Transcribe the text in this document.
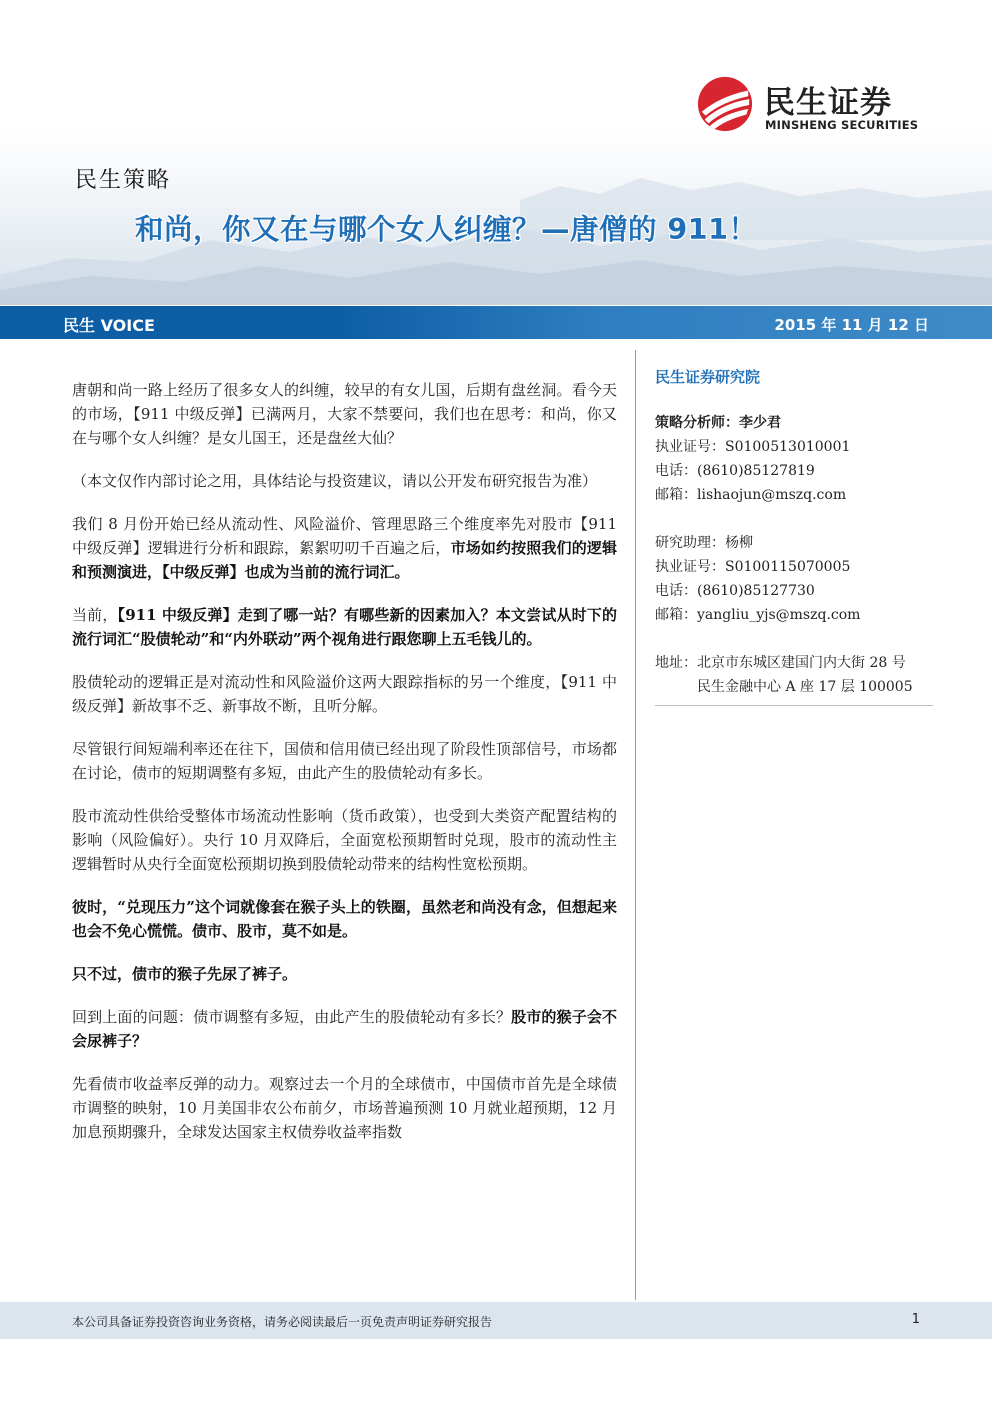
民生证券
MINSHENG SECURITIES
民生策略
和尚，你又在与哪个女人纠缠？—唐僧的 911！
民生 VOICE	2015 年 11 月 12 日

唐朝和尚一路上经历了很多女人的纠缠，较早的有女儿国，后期有盘丝洞。看今天的市场，【911 中级反弹】已满两月，大家不禁要问，我们也在思考：和尚，你又在与哪个女人纠缠？是女儿国王，还是盘丝大仙？

（本文仅作内部讨论之用，具体结论与投资建议，请以公开发布研究报告为准）

我们 8 月份开始已经从流动性、风险溢价、管理思路三个维度率先对股市【911 中级反弹】逻辑进行分析和跟踪，絮絮叨叨千百遍之后，市场如约按照我们的逻辑和预测演进，【中级反弹】也成为当前的流行词汇。

当前，【911 中级反弹】走到了哪一站？有哪些新的因素加入？本文尝试从时下的流行词汇“股债轮动”和“内外联动”两个视角进行跟您聊上五毛钱儿的。

股债轮动的逻辑正是对流动性和风险溢价这两大跟踪指标的另一个维度，【911 中级反弹】新故事不乏、新事故不断，且听分解。

尽管银行间短端利率还在往下，国债和信用债已经出现了阶段性顶部信号，市场都在讨论，债市的短期调整有多短，由此产生的股债轮动有多长。

股市流动性供给受整体市场流动性影响（货币政策），也受到大类资产配置结构的影响（风险偏好）。央行 10 月双降后，全面宽松预期暂时兑现，股市的流动性主逻辑暂时从央行全面宽松预期切换到股债轮动带来的结构性宽松预期。

彼时，“兑现压力”这个词就像套在猴子头上的铁圈，虽然老和尚没有念，但想起来也会不免心慌慌。债市、股市，莫不如是。

只不过，债市的猴子先尿了裤子。

回到上面的问题：债市调整有多短，由此产生的股债轮动有多长？股市的猴子会不会尿裤子？

先看债市收益率反弹的动力。观察过去一个月的全球债市，中国债市首先是全球债市调整的映射，10 月美国非农公布前夕，市场普遍预测 10 月就业超预期，12 月加息预期骤升，全球发达国家主权债券收益率指数

民生证券研究院
策略分析师：李少君
执业证号：S0100513010001
电话：(8610)85127819
邮箱：lishaojun@mszq.com
研究助理：杨柳
执业证号：S0100115070005
电话：(8610)85127730
邮箱：yangliu_yjs@mszq.com
地址：北京市东城区建国门内大街 28 号
民生金融中心 A 座 17 层 100005
本公司具备证券投资咨询业务资格，请务必阅读最后一页免责声明证券研究报告	1
